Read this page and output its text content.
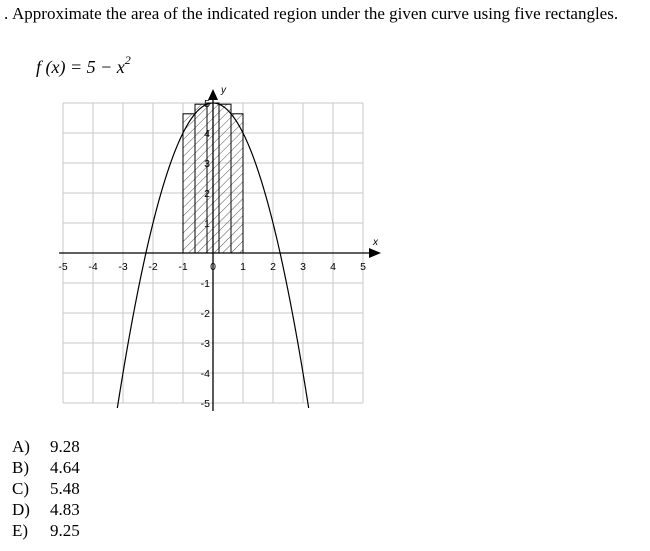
. Approximate the area of the indicated region under the given curve using five rectangles.
f $(x) = 5 - x^2$
x
y
-5 -4 -3 -2 -1 0 1 2 3 4 5
5
4
3
2
1
-1
-2
-3
-4
-5
A)	9.28
B)	4.64
C)	5.48
D)	4.83
E)	9.25
